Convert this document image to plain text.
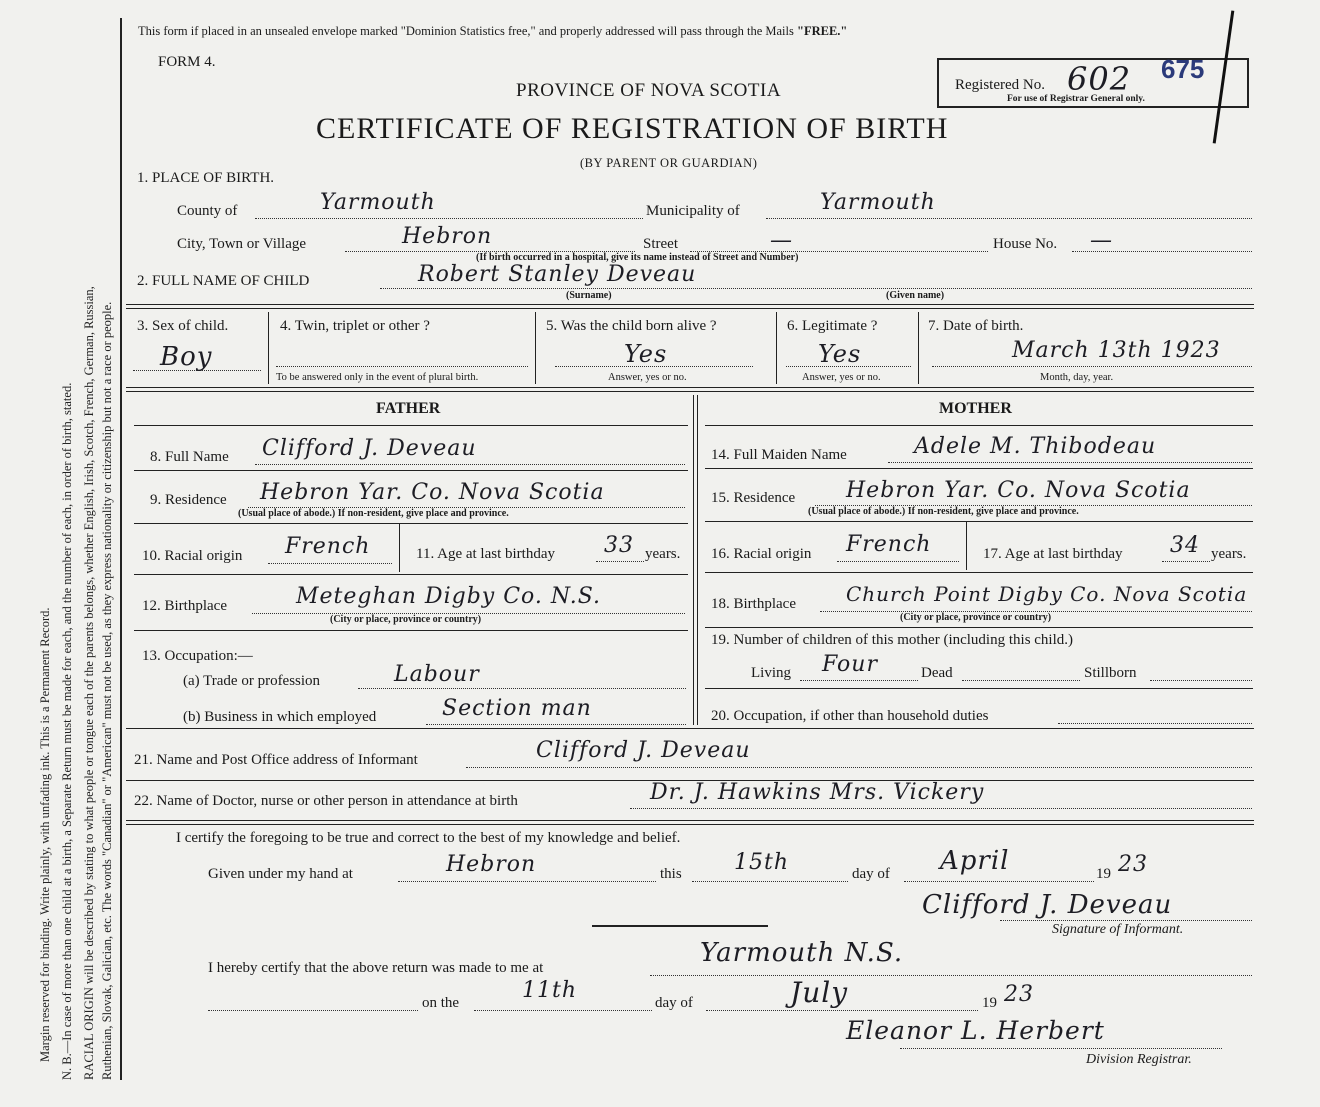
Margin reserved for binding. Write plainly, with unfading ink. This is a Permanent Record. N. B.—In case of more than one child at a birth, a Separate Return must be made for each, and the number of each, in order of birth, stated. RACIAL ORIGIN will be described by stating to what people or tongue each of the parents belongs, whether English, Irish, Scotch, French, German, Russian, Ruthenian, Slovak, Galician, etc. The words "Canadian" or "American" must not be used, as they express nationality or citizenship but not a race or people.
This form if placed in an unsealed envelope marked "Dominion Statistics free," and properly addressed will pass through the Mails "FREE."
FORM 4.
PROVINCE OF NOVA SCOTIA
CERTIFICATE OF REGISTRATION OF BIRTH
(BY PARENT OR GUARDIAN)
Registered No. 602 675
For use of Registrar General only.
1. PLACE OF BIRTH.
County of	Yarmouth	Municipality of	Yarmouth
City, Town or Village	Hebron	Street	—
(If birth occurred in a hospital, give its name instead of Street and Number)
House No. —
2. FULL NAME OF CHILD	Robert Stanley Deveau
(Surname)	(Given name)
3. Sex of child.
Boy
4. Twin, triplet or other ?
To be answered only in the event of plural birth.
5. Was the child born alive ?
Yes
Answer, yes or no.
6. Legitimate ?
Yes
Answer, yes or no.
7. Date of birth.
March 13th 1923
Month, day, year.
FATHER	MOTHER
8. Full Name Clifford J. Deveau
9. Residence Hebron Yar. Co. Nova Scotia
(Usual place of abode.) If non-resident, give place and province.
10. Racial origin French	11. Age at last birthday 33 years.
12. Birthplace	Meteghan Digby Co. N.S.
(City or place, province or country)
13. Occupation:—
(a) Trade or profession	Labour
(b) Business in which employed	Section man
14. Full Maiden Name	Adele M. Thibodeau
15. Residence Hebron Yar. Co. Nova Scotia
(Usual place of abode.) If non-resident, give place and province.
16. Racial origin French	17. Age at last birthday 34 years.
18. Birthplace	Church Point Digby Co. Nova Scotia
(City or place, province or country)
19. Number of children of this mother (including this child.)
Living Four	Dead	Stillborn
20. Occupation, if other than household duties
21. Name and Post Office address of Informant	Clifford J. Deveau
22. Name of Doctor, nurse or other person in attendance at birth	Dr. J. Hawkins Mrs. Vickery
I certify the foregoing to be true and correct to the best of my knowledge and belief.
Given under my hand at	Hebron	this 15th	day of April	19 23
Clifford J. Deveau
Signature of Informant.
I hereby certify that the above return was made to me at	Yarmouth N.S.
on the	11th	day of	July	19 23
Eleanor L. Herbert
Division Registrar.
